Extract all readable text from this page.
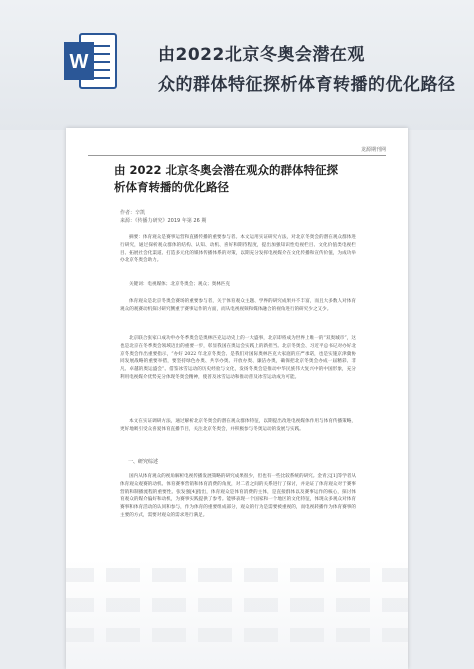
W	由2022北京冬奥会潜在观
众的群体特征探析体育转播的优化路径
龙源期刊网
由 2022 北京冬奥会潜在观众的群体特征探
析体育转播的优化路径
作者：辛凯
来源：《传播力研究》2019 年第 26 期
摘要：体育观众是赛事运营和直播传播的重要参与者。本文运用实证研究方法，对北京冬奥会的潜在观众群体进行研究，通过探析观众群体的结构、认知、动机、喜好和期待程度，提出加强知识性电视栏目、文化价值类电视栏目、拓展社会化渠道、打造多元化的媒体传播体系的对策，以期充分发挥电视媒介在文化传播和宣传价值，为成功举办北京冬奥会助力。
关键词：电视媒体；北京冬奥会；观众；奥林匹克
体育观众是北京冬奥会赛场的重要参与者，关于体育观众主题、学界的研究成果并不丰富，而且大多数人对体育观众的观赛动机探讨研究侧重于赛事运作的方面，而从电视视频和媒体融合的视角进行的研究少之又少。
北京联合张家口成功申办冬季奥会是奥林匹克运动史上的一大盛事，北京即将成为世界上唯一的“双奥城市”，这也是北京在冬季奥会领域迈出的重要一步，彰显我国在奥运会实践上的新担当。北京冬奥会、习近平总书记对办好北京冬奥会作出重要指示，“办好 2022 年北京冬奥会、是我们对国际奥林匹克大家庭的庄严承诺，也是实施京津冀协同发展战略的重要举措，要坚持绿色办奥、共享办奥、开放办奥、廉洁办奥，确保把北京冬奥会办成一届精彩、非凡、卓越的奥运盛会”。借鉴冰雪运动的历史经验与文化，发扬冬奥会是推动中华民族伟大复兴中的中国形象，充分利用电视媒介优势充分体现冬奥会精神，使普及冰雪运动和推动普及冰雪运动成为可能。
本文在实证调研方法，通过解析北京冬奥会的潜在观众群体特征，以期提出改进电视媒体作用与体育传播策略，更好地吸引受众喜爱体育直播节目，关注北京冬奥会，并积极参与冬奥运动的发展与实践。
一、研究综述
国内从体育观众的视角解析电视传播发展策略的研究成果很少，但也有一些比较系统的研究。金青云[1]等学者从体育观众观赛的动机、体育赛事营销和体育消费的角度，对二者之间的关系进行了探讨，并论证了体育观众对于赛事营销和制播流程的重要性。张发强[4]指出，体育观众是体育消费的主体，是直接群体以及赛事运作的核心，探讨体育观众的媒介偏好和动机，为赛事实践提供了参考。能够表现一个国家和一个地区的文化特征，体现众多观众对体育赛事和体育活动的认同和参与，作为体育的重要组成部分，观众的行为是需要被重视的，而电视转播作为体育赛事的主要的方式，需要对观众的需求进行满足。
